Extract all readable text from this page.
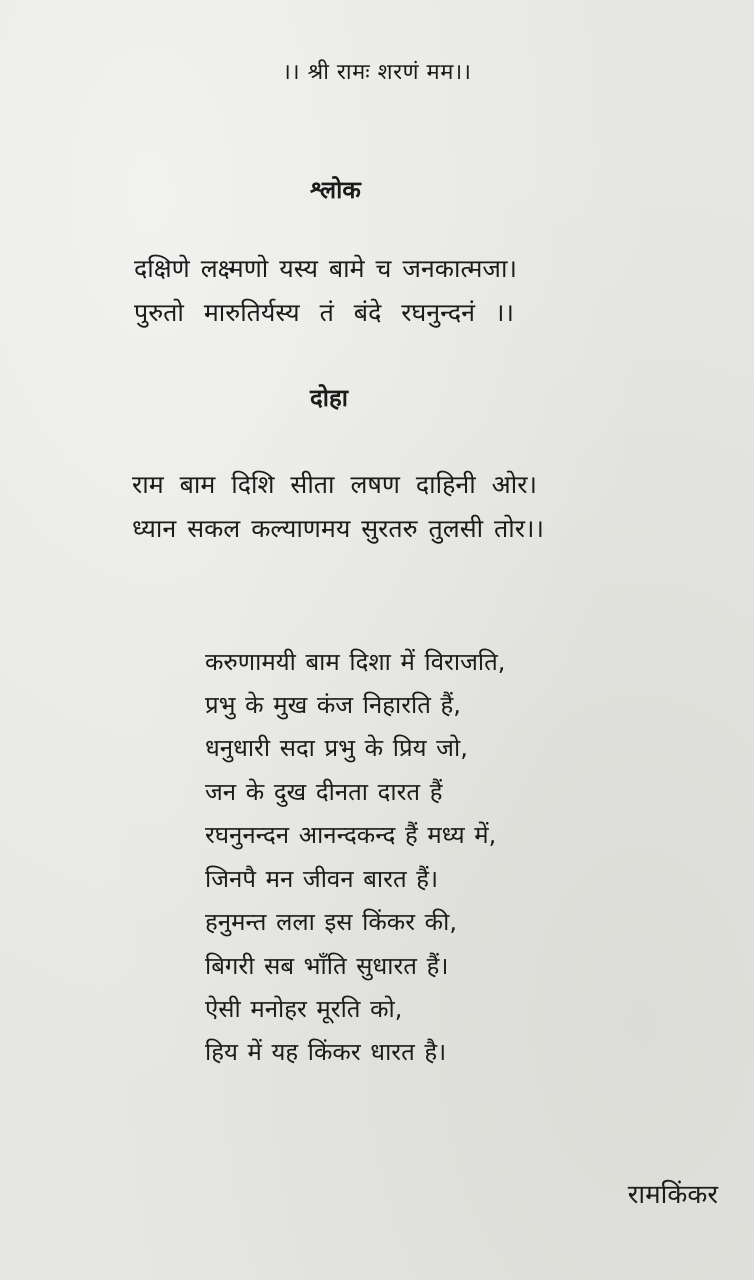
।। श्री रामः शरणं मम।।
श्लोक
दक्षिणे लक्ष्मणो यस्य बामे च जनकात्मजा।
पुरुतो मारुतिर्यस्य तं बंदे रघनुन्दनं ।।
दोहा
राम बाम दिशि सीता लषण दाहिनी ओर।
ध्यान सकल कल्याणमय सुरतरु तुलसी तोर।।
करुणामयी बाम दिशा में विराजति,
प्रभु के मुख कंज निहारति हैं,
धनुधारी सदा प्रभु के प्रिय जो,
जन के दुख दीनता दारत हैं
रघनुनन्दन आनन्दकन्द हैं मध्य में,
जिनपै मन जीवन बारत हैं।
हनुमन्त लला इस किंकर की,
बिगरी सब भाँति सुधारत हैं।
ऐसी मनोहर मूरति को,
हिय में यह किंकर धारत है।
रामकिंकर
